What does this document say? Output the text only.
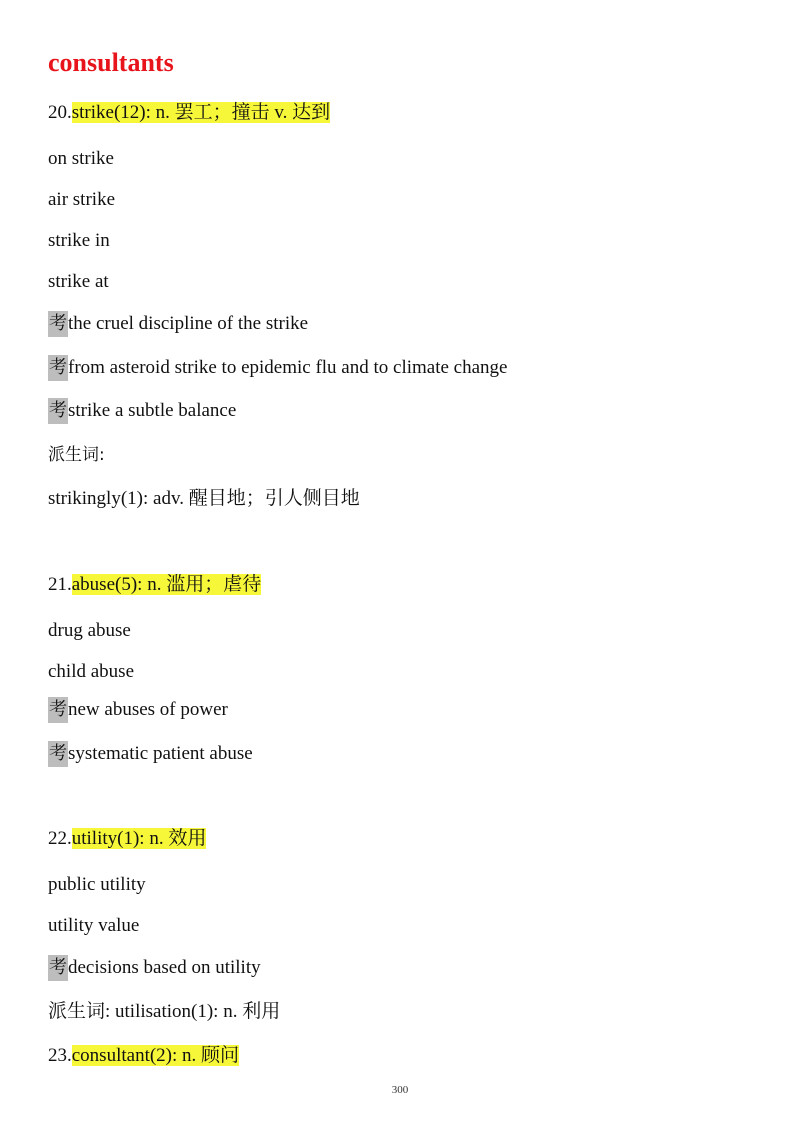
consultants
20.strike(12): n. 罢工；撞击 v. 达到
on strike
air strike
strike in
strike at
考the cruel discipline of the strike
考from asteroid strike to epidemic flu and to climate change
考strike a subtle balance
派生词:
strikingly(1): adv. 醒目地；引人侧目地
21.abuse(5): n. 滥用；虐待
drug abuse
child abuse
考new abuses of power
考systematic patient abuse
22.utility(1): n. 效用
public utility
utility value
考decisions based on utility
派生词: utilisation(1): n. 利用
23.consultant(2): n. 顾问
300
